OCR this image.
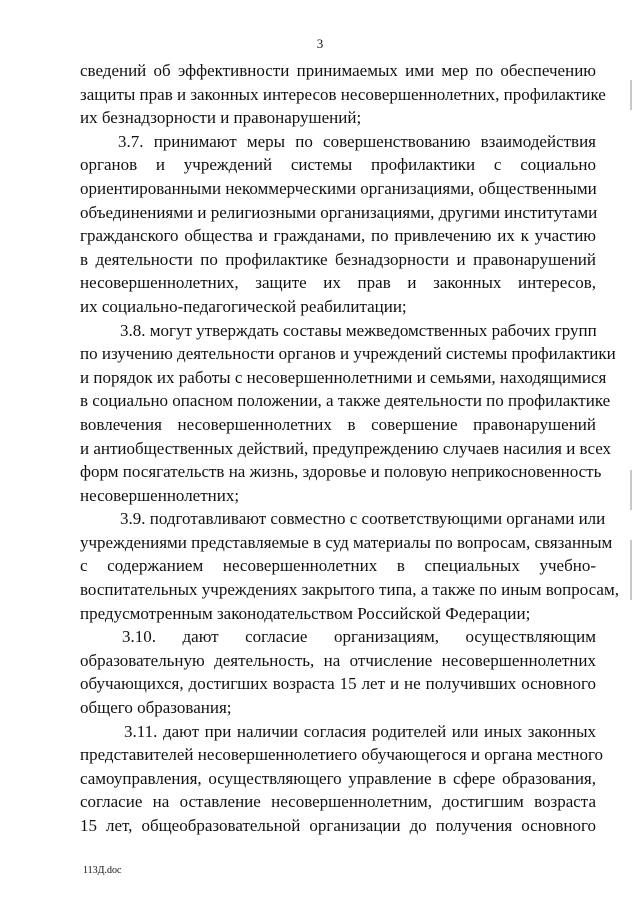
3
сведений об эффективности принимаемых ими мер по обеспечению
защиты прав и законных интересов несовершеннолетних, профилактике
их безнадзорности и правонарушений;
3.7. принимают меры по совершенствованию взаимодействия
органов и учреждений системы профилактики с социально
ориентированными некоммерческими организациями, общественными
объединениями и религиозными организациями, другими институтами
гражданского общества и гражданами, по привлечению их к участию
в деятельности по профилактике безнадзорности и правонарушений
несовершеннолетних, защите их прав и законных интересов,
их социально-педагогической реабилитации;
3.8. могут утверждать составы межведомственных рабочих групп
по изучению деятельности органов и учреждений системы профилактики
и порядок их работы с несовершеннолетними и семьями, находящимися
в социально опасном положении, а также деятельности по профилактике
вовлечения несовершеннолетних в совершение правонарушений
и антиобщественных действий, предупреждению случаев насилия и всех
форм посягательств на жизнь, здоровье и половую неприкосновенность
несовершеннолетних;
3.9. подготавливают совместно с соответствующими органами или
учреждениями представляемые в суд материалы по вопросам, связанным
с содержанием несовершеннолетних в специальных учебно-
воспитательных учреждениях закрытого типа, а также по иным вопросам,
предусмотренным законодательством Российской Федерации;
3.10. дают согласие организациям, осуществляющим
образовательную деятельность, на отчисление несовершеннолетних
обучающихся, достигших возраста 15 лет и не получивших основного
общего образования;
3.11. дают при наличии согласия родителей или иных законных
представителей несовершеннолетиего обучающегося и органа местного
самоуправления, осуществляющего управление в сфере образования,
согласие на оставление несовершеннолетним, достигшим возраста
15 лет, общеобразовательной организации до получения основного
113Д.doc
